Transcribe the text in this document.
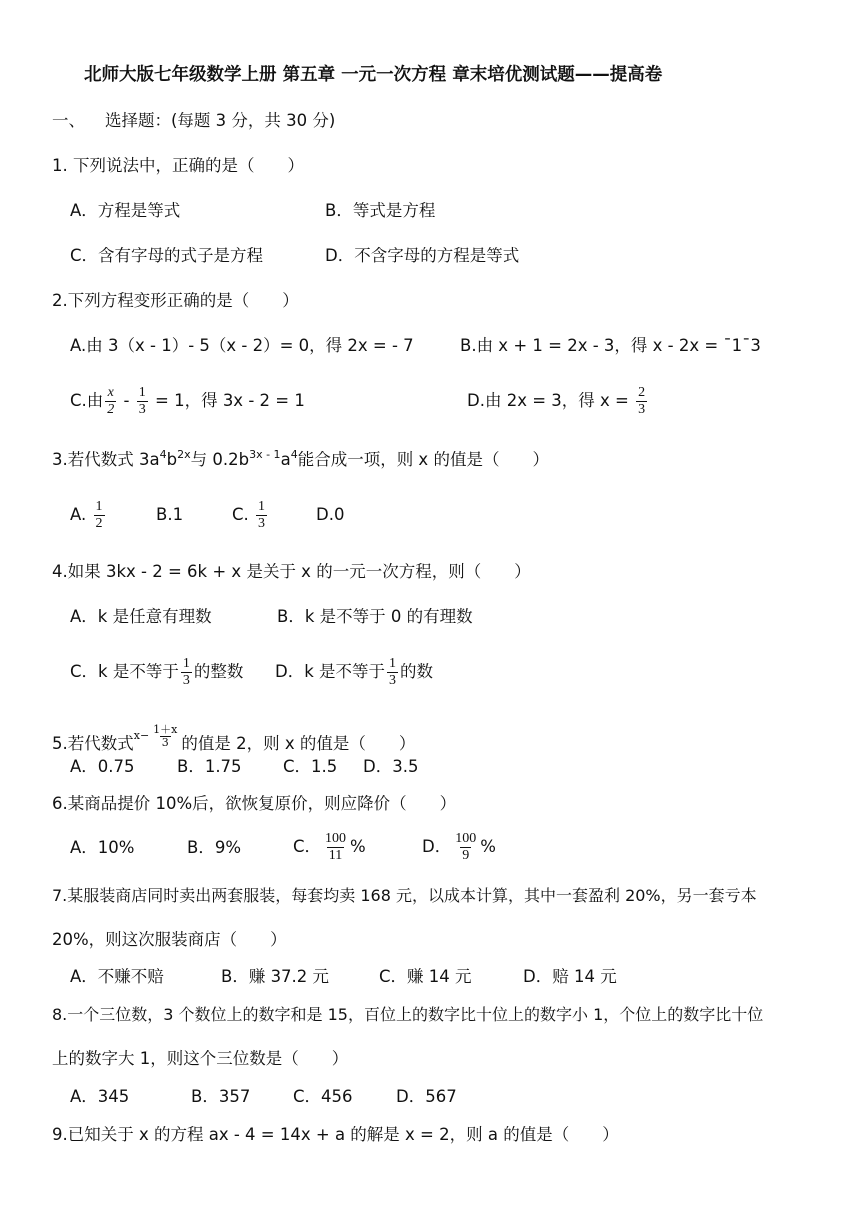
北师大版七年级数学上册 第五章 一元一次方程 章末培优测试题——提高卷
一、 选择题：(每题 3 分，共 30 分)
1. 下列说法中，正确的是（　　）
A．方程是等式	B．等式是方程
C．含有字母的式子是方程	D．不含字母的方程是等式
2.下列方程变形正确的是（　　）
A.由 3（x - 1）- 5（x - 2）= 0，得 2x = - 7	B.由 x + 1 = 2x - 3，得 x - 2x = ¯1¯3
C.由 $\frac{x}{2} - \frac{1}{3} = 1$，得 3x - 2 = 1	D.由 2x = 3，得 $x = \frac{2}{3}$
3.若代数式 $3a^4b^{2x}$与 $0.2b^{3x - 1}a^4$能合成一项，则 x 的值是（　　）
A. $\frac{1}{2}$	B.1	C. $\frac{1}{3}$	D.0
4.如果 3kx - 2 = 6k + x 是关于 x 的一元一次方程，则（　　）
A．k 是任意有理数	B．k 是不等于 0 的有理数
C．k 是不等于 $\frac{1}{3}$ 的整数 D．k 是不等于 $\frac{1}{3}$ 的数
5.若代数式$x- \frac{1+x}{3}$ 的值是 2，则 x 的值是（　　）
A．0.75	B．1.75	C．1.5 D．3.5
6.某商品提价 10%后，欲恢复原价，则应降价（　　）
A．10%	B．9%	C． $\frac{100}{11}$ %	D． $\frac{100}{9}$ %
7.某服装商店同时卖出两套服装，每套均卖 168 元，以成本计算，其中一套盈利 20%，另一套亏本
20%，则这次服装商店（　　）
A．不赚不赔	B．赚 37.2 元	C．赚 14 元	D．赔 14 元
8.一个三位数，3 个数位上的数字和是 15，百位上的数字比十位上的数字小 1，个位上的数字比十位
上的数字大 1，则这个三位数是（　　）
A．345	B．357	C．456	D．567
9.已知关于 x 的方程 ax - 4 = 14x + a 的解是 x = 2，则 a 的值是（　　）
